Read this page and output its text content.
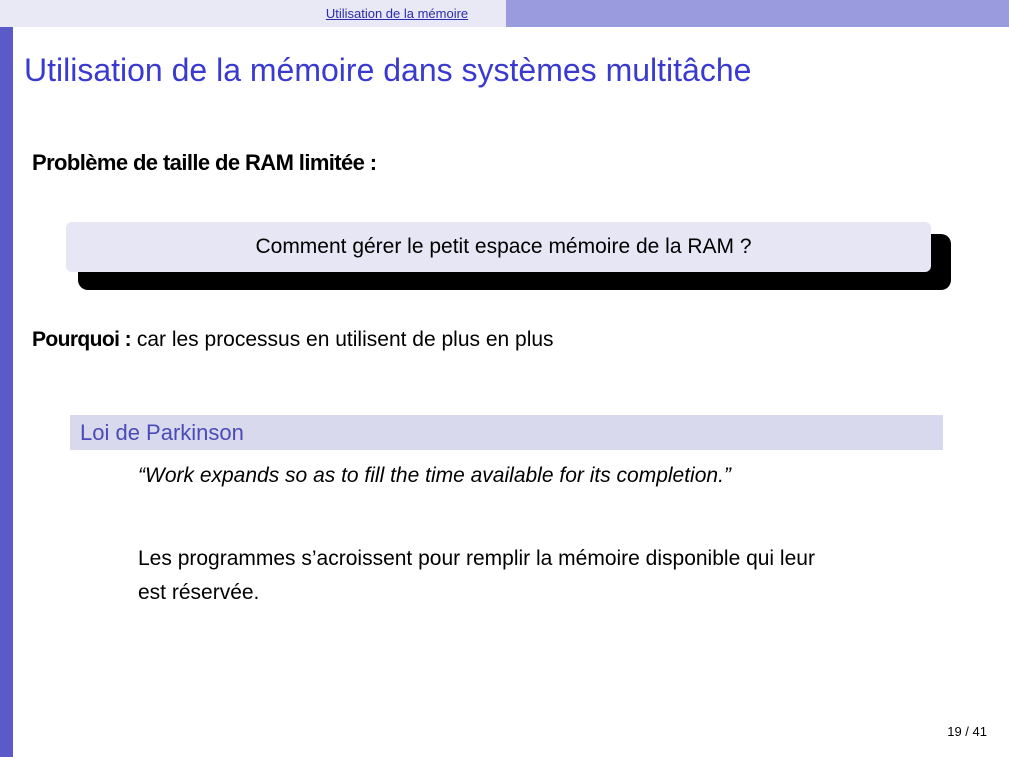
Utilisation de la mémoire
Utilisation de la mémoire dans systèmes multitâche
Problème de taille de RAM limitée :
Comment gérer le petit espace mémoire de la RAM ?
Pourquoi : car les processus en utilisent de plus en plus
Loi de Parkinson
“Work expands so as to fill the time available for its completion.”
Les programmes s’acroissent pour remplir la mémoire disponible qui leur est réservée.
19 / 41
